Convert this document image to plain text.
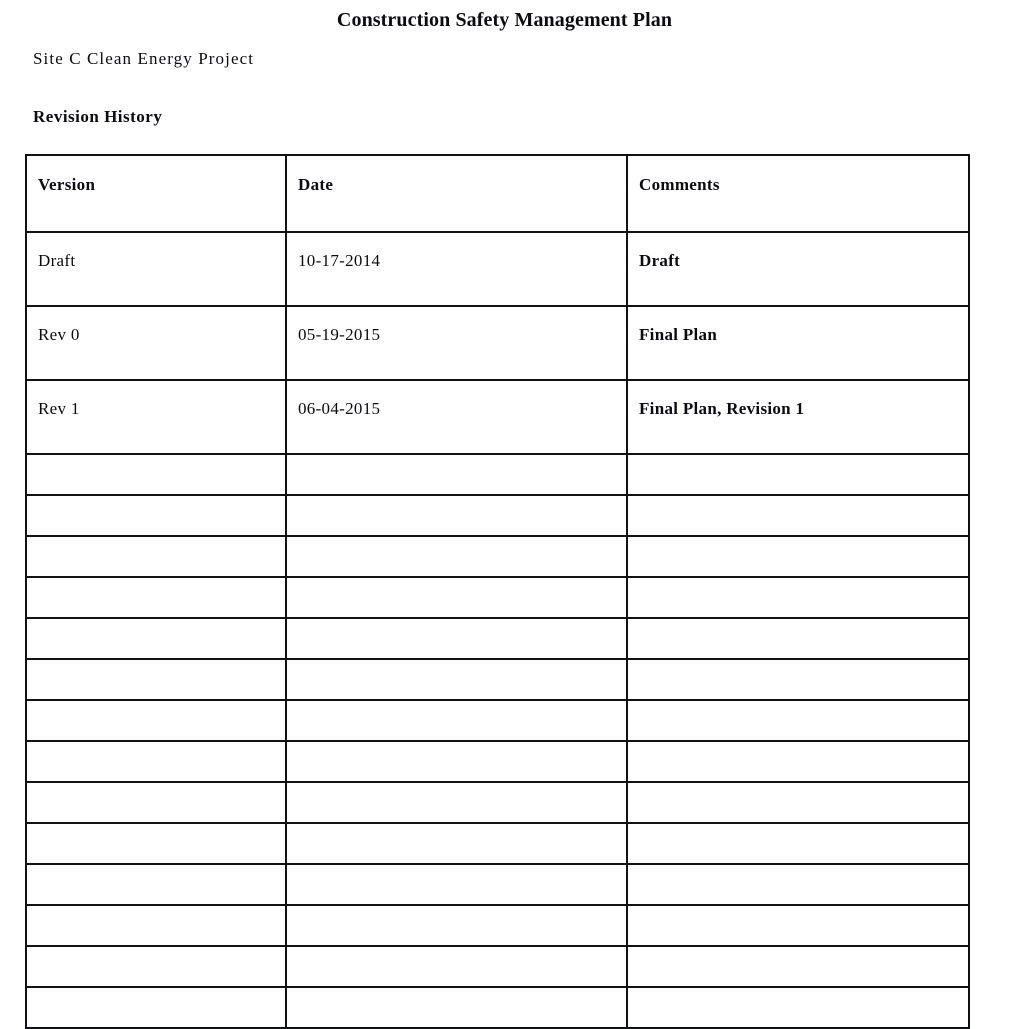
Construction Safety Management Plan
Site C Clean Energy Project
Revision History
Version	Date	Comments
Draft	10-17-2014	Draft
Rev 0	05-19-2015	Final Plan
Rev 1	06-04-2015	Final Plan, Revision 1
